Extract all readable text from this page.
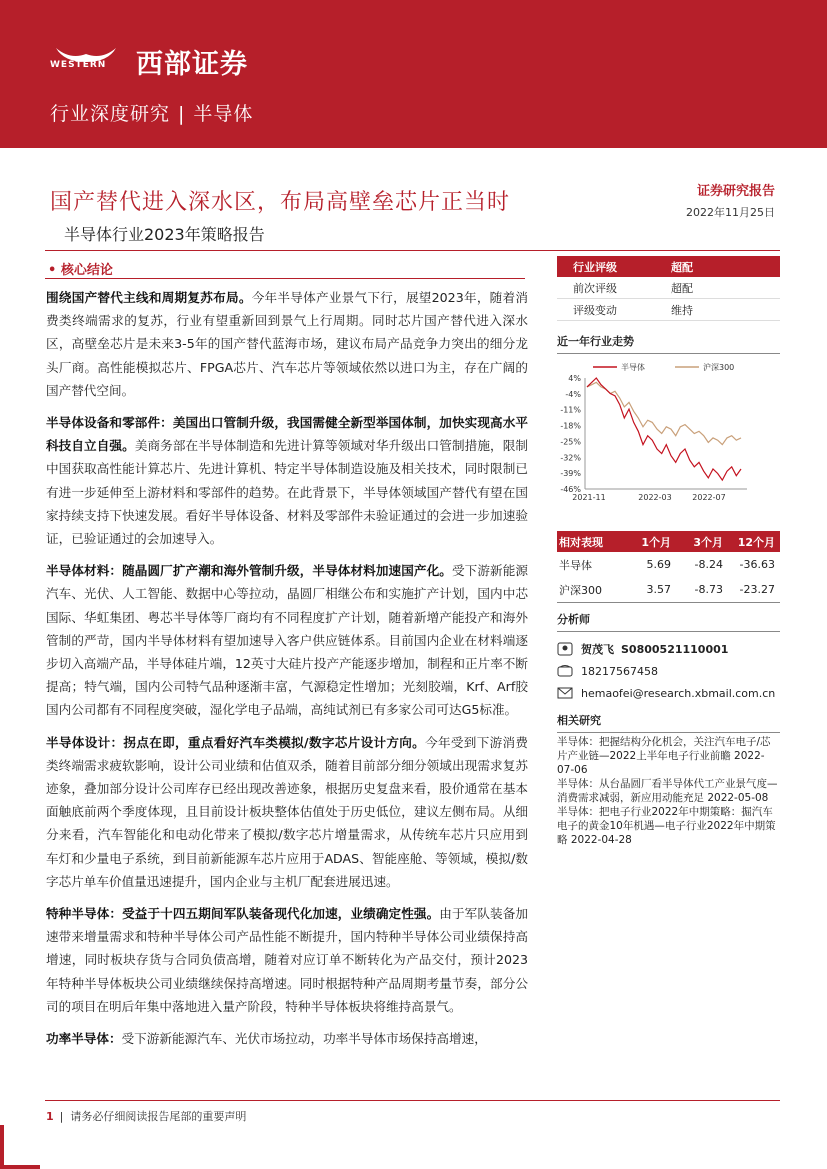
WESTERN 西部证券
行业深度研究 | 半导体
国产替代进入深水区，布局高壁垒芯片正当时
半导体行业2023年策略报告
证券研究报告
2022年11月25日
• 核心结论

围绕国产替代主线和周期复苏布局。今年半导体产业景气下行，展望2023年，随着消费类终端需求的复苏，行业有望重新回到景气上行周期。同时芯片国产替代进入深水区，高壁垒芯片是未来3-5年的国产替代蓝海市场，建议布局产品竞争力突出的细分龙头厂商。高性能模拟芯片、FPGA芯片、汽车芯片等领域依然以进口为主，存在广阔的国产替代空间。

半导体设备和零部件：美国出口管制升级，我国需健全新型举国体制，加快实现高水平科技自立自强。美商务部在半导体制造和先进计算等领域对华升级出口管制措施，限制中国获取高性能计算芯片、先进计算机、特定半导体制造设施及相关技术，同时限制已有进一步延伸至上游材料和零部件的趋势。在此背景下，半导体领域国产替代有望在国家持续支持下快速发展。看好半导体设备、材料及零部件未验证通过的会进一步加速验证，已验证通过的会加速导入。

半导体材料：随晶圆厂扩产潮和海外管制升级，半导体材料加速国产化。受下游新能源汽车、光伏、人工智能、数据中心等拉动，晶圆厂相继公布和实施扩产计划，国内中芯国际、华虹集团、粤芯半导体等厂商均有不同程度扩产计划，随着新增产能投产和海外管制的严苛，国内半导体材料有望加速导入客户供应链体系。目前国内企业在材料端逐步切入高端产品，半导体硅片端，12英寸大硅片投产产能逐步增加，制程和正片率不断提高；特气端，国内公司特气品种逐渐丰富，气源稳定性增加；光刻胶端，Krf、Arf胶国内公司都有不同程度突破，湿化学电子品端，高纯试剂已有多家公司可达G5标准。

半导体设计：拐点在即，重点看好汽车类模拟/数字芯片设计方向。今年受到下游消费类终端需求疲软影响，设计公司业绩和估值双杀，随着目前部分细分领域出现需求复苏迹象，叠加部分设计公司库存已经出现改善迹象，根据历史复盘来看，股价通常在基本面触底前两个季度体现，且目前设计板块整体估值处于历史低位，建议左侧布局。从细分来看，汽车智能化和电动化带来了模拟/数字芯片增量需求，从传统车芯片只应用到车灯和少量电子系统，到目前新能源车芯片应用于ADAS、智能座舱、等领域，模拟/数字芯片单车价值量迅速提升，国内企业与主机厂配套进展迅速。

特种半导体：受益于十四五期间军队装备现代化加速，业绩确定性强。由于军队装备加速带来增量需求和特种半导体公司产品性能不断提升，国内特种半导体公司业绩保持高增速，同时板块存货与合同负债高增，随着对应订单不断转化为产品交付，预计2023年特种半导体板块公司业绩继续保持高增速。同时根据特种产品周期考量节奏，部分公司的项目在明后年集中落地进入量产阶段，特种半导体板块将维持高景气。

功率半导体：受下游新能源汽车、光伏市场拉动，功率半导体市场保持高增速，

行业评级	超配
前次评级	超配
评级变动	维持
近一年行业走势
半导体	沪深300
4%
-4%
-11%
-18%
-25%
-32%
-39%
-46%
2021-11	2022-03	2022-07
相对表现	1个月	3个月	12个月
半导体	5.69	-8.24	-36.63
沪深300	3.57	-8.73	-23.27
分析师
贺茂飞
S0800521110001
18217567458
hemaofei@research.xbmail.com.cn
相关研究

半导体：把握结构分化机会，关注汽车电子/芯片产业链—2022上半年电子行业前瞻 2022-07-06

半导体：从台晶圆厂看半导体代工产业景气度—消费需求减弱，新应用动能充足 2022-05-08

半导体：把电子行业2022年中期策略：掘汽车电子的黄金10年机遇—电子行业2022年中期策略 2022-04-28

1 | 请务必仔细阅读报告尾部的重要声明
